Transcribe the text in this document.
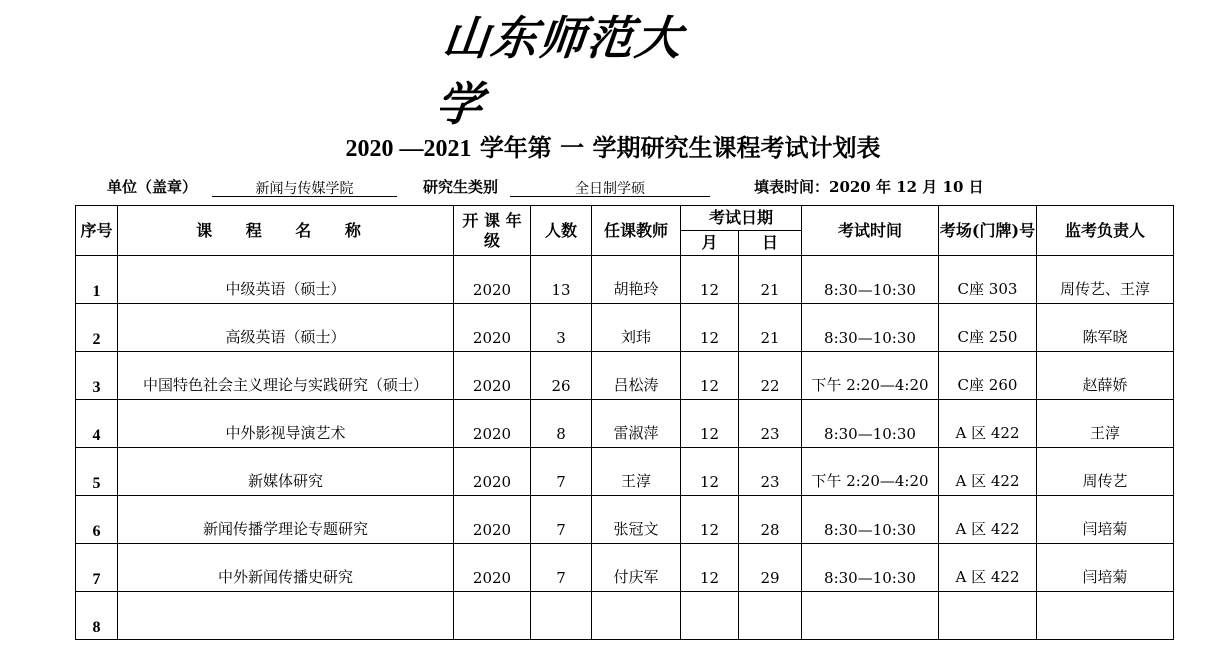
山东师范大学
2020 —2021 学年第 一 学期研究生课程考试计划表
单位（盖章）	新闻与传媒学院	研究生类别	全日制学硕	填表时间：2020 年 12 月 10 日
序号	课 程 名 称	开 课 年 级	人数	任课教师	考试日期		考试时间	考场(门牌)号	监考负责人
					月	日			
1	中级英语（硕士）	2020	13	胡艳玲	12	21	8:30—10:30	C座 303	周传艺、王淳
2	高级英语（硕士）	2020	3	刘玮	12	21	8:30—10:30	C座 250	陈军晓
3	中国特色社会主义理论与实践研究（硕士）	2020	26	吕松涛	12	22	下午 2:20—4:20	C座 260	赵薛娇
4	中外影视导演艺术	2020	8	雷淑萍	12	23	8:30—10:30	A 区 422	王淳
5	新媒体研究	2020	7	王淳	12	23	下午 2:20—4:20	A 区 422	周传艺
6	新闻传播学理论专题研究	2020	7	张冠文	12	28	8:30—10:30	A 区 422	闫培菊
7	中外新闻传播史研究	2020	7	付庆军	12	29	8:30—10:30	A 区 422	闫培菊
8									
